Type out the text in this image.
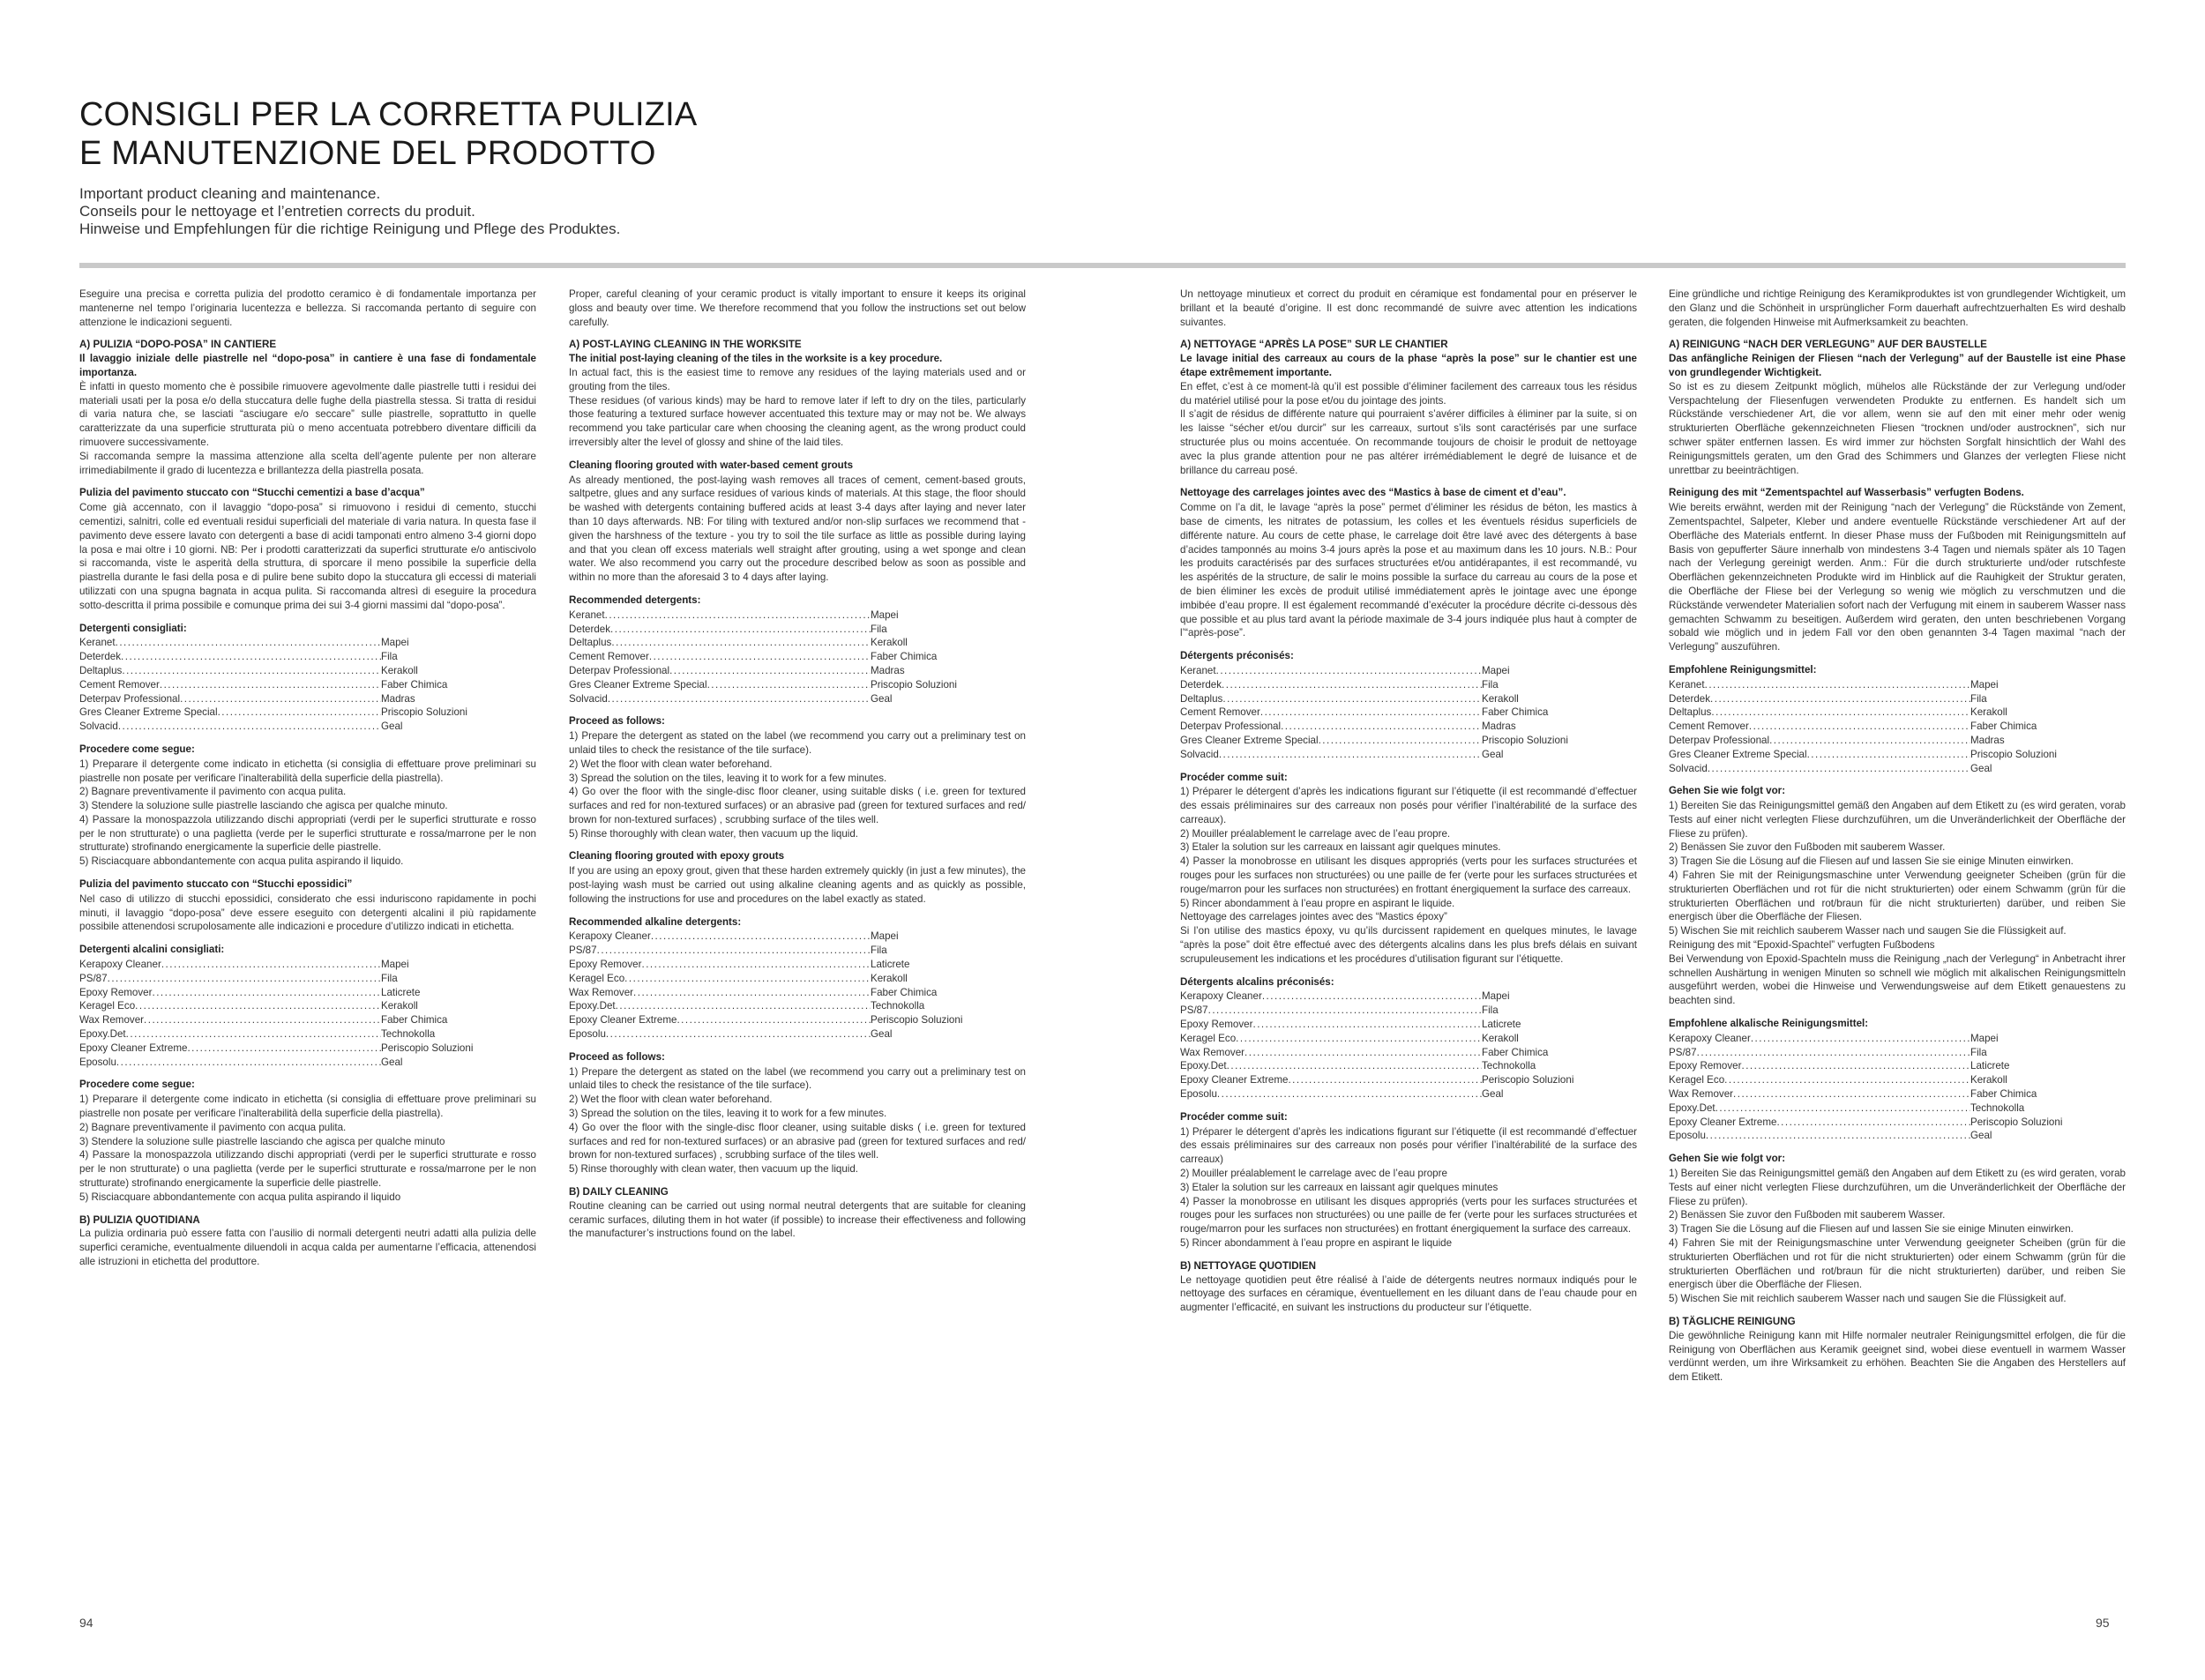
CONSIGLI PER LA CORRETTA PULIZIA
E MANUTENZIONE DEL PRODOTTO
Important product cleaning and maintenance.
Conseils pour le nettoyage et l’entretien corrects du produit.
Hinweise und Empfehlungen für die richtige Reinigung und Pflege des Produktes.

Eseguire una precisa e corretta pulizia del prodotto ceramico è di fondamentale importanza per mantenerne nel tempo l’originaria lucentezza e bellezza. Si raccomanda pertanto di seguire con attenzione le indicazioni seguenti.

A) PULIZIA “DOPO-POSA” IN CANTIERE

Il lavaggio iniziale delle piastrelle nel “dopo-posa” in cantiere è una fase di fondamentale importanza.

È infatti in questo momento che è possibile rimuovere agevolmente dalle piastrelle tutti i residui dei materiali usati per la posa e/o della stuccatura delle fughe della piastrella stessa. Si tratta di residui di varia natura che, se lasciati “asciugare e/o seccare” sulle piastrelle, soprattutto in quelle caratterizzate da una superficie strutturata più o meno accentuata potrebbero diventare difficili da rimuovere successivamente.

Si raccomanda sempre la massima attenzione alla scelta dell’agente pulente per non alterare irrimediabilmente il grado di lucentezza e brillantezza della piastrella posata.

Pulizia del pavimento stuccato con “Stucchi cementizi a base d’acqua”

Come già accennato, con il lavaggio “dopo-posa” si rimuovono i residui di cemento, stucchi cementizi, salnitri, colle ed eventuali residui superficiali del materiale di varia natura. In questa fase il pavimento deve essere lavato con detergenti a base di acidi tamponati entro almeno 3-4 giorni dopo la posa e mai oltre i 10 giorni. NB: Per i prodotti caratterizzati da superfici strutturate e/o antiscivolo si raccomanda, viste le asperità della struttura, di sporcare il meno possibile la superficie della piastrella durante le fasi della posa e di pulire bene subito dopo la stuccatura gli eccessi di materiali utilizzati con una spugna bagnata in acqua pulita. Si raccomanda altresì di eseguire la procedura sotto-descritta il prima possibile e comunque prima dei sui 3-4 giorni massimi dal “dopo-posa”.

Detergenti consigliati:
Keranet .....	Mapei
Deterdek .....	Fila
Deltaplus .....	Kerakoll
Cement Remover .....	Faber Chimica
Deterpav Professional .....	Madras
Gres Cleaner Extreme Special .....	Priscopio Soluzioni
Solvacid .....	Geal
Procedere come segue:
1) Preparare il detergente come indicato in etichetta (si consiglia di effettuare prove preliminari su piastrelle non posate per verificare l’inalterabilità della superficie della piastrella).
2) Bagnare preventivamente il pavimento con acqua pulita.
3) Stendere la soluzione sulle piastrelle lasciando che agisca per qualche minuto.
4) Passare la monospazzola utilizzando dischi appropriati (verdi per le superfici strutturate e rosso per le non strutturate) o una paglietta (verde per le superfici strutturate e rossa/marrone per le non strutturate) strofinando energicamente la superficie delle piastrelle.
5) Risciacquare abbondantemente con acqua pulita aspirando il liquido.
Pulizia del pavimento stuccato con “Stucchi epossidici”

Nel caso di utilizzo di stucchi epossidici, considerato che essi induriscono rapidamente in pochi minuti, il lavaggio “dopo-posa” deve essere eseguito con detergenti alcalini il più rapidamente possibile attenendosi scrupolosamente alle indicazioni e procedure d’utilizzo indicati in etichetta.

Detergenti alcalini consigliati:
Kerapoxy Cleaner .....	Mapei
PS/87 .....	Fila
Epoxy Remover .....	Laticrete
Keragel Eco .....	Kerakoll
Wax Remover .....	Faber Chimica
Epoxy.Det .....	Technokolla
Epoxy Cleaner Extreme .....	Periscopio Soluzioni
Eposolu .....	Geal
Procedere come segue:
1) Preparare il detergente come indicato in etichetta (si consiglia di effettuare prove preliminari su piastrelle non posate per verificare l’inalterabilità della superficie della piastrella).
2) Bagnare preventivamente il pavimento con acqua pulita.
3) Stendere la soluzione sulle piastrelle lasciando che agisca per qualche minuto
4) Passare la monospazzola utilizzando dischi appropriati (verdi per le superfici strutturate e rosso per le non strutturate) o una paglietta (verde per le superfici strutturate e rossa/marrone per le non strutturate) strofinando energicamente la superficie delle piastrelle.
5) Risciacquare abbondantemente con acqua pulita aspirando il liquido
B) PULIZIA QUOTIDIANA

La pulizia ordinaria può essere fatta con l’ausilio di normali detergenti neutri adatti alla pulizia delle superfici ceramiche, eventualmente diluendoli in acqua calda per aumentarne l’efficacia, attenendosi alle istruzioni in etichetta del produttore.

Proper, careful cleaning of your ceramic product is vitally important to ensure it keeps its original gloss and beauty over time. We therefore recommend that you follow the instructions set out below carefully.

A) POST-LAYING CLEANING IN THE WORKSITE

The initial post-laying cleaning of the tiles in the worksite is a key procedure.

In actual fact, this is the easiest time to remove any residues of the laying materials used and or grouting from the tiles.

These residues (of various kinds) may be hard to remove later if left to dry on the tiles, particularly those featuring a textured surface however accentuated this texture may or may not be. We always recommend you take particular care when choosing the cleaning agent, as the wrong product could irreversibly alter the level of glossy and shine of the laid tiles.

Cleaning flooring grouted with water-based cement grouts

As already mentioned, the post-laying wash removes all traces of cement, cement-based grouts, saltpetre, glues and any surface residues of various kinds of materials. At this stage, the floor should be washed with detergents containing buffered acids at least 3-4 days after laying and never later than 10 days afterwards. NB: For tiling with textured and/or non-slip surfaces we recommend that - given the harshness of the texture - you try to soil the tile surface as little as possible during laying and that you clean off excess materials well straight after grouting, using a wet sponge and clean water. We also recommend you carry out the procedure described below as soon as possible and within no more than the aforesaid 3 to 4 days after laying.

Recommended detergents:
Keranet .....	Mapei
Deterdek .....	Fila
Deltaplus .....	Kerakoll
Cement Remover .....	Faber Chimica
Deterpav Professional .....	Madras
Gres Cleaner Extreme Special .....	Priscopio Soluzioni
Solvacid .....	Geal
Proceed as follows:
1) Prepare the detergent as stated on the label (we recommend you carry out a preliminary test on unlaid tiles to check the resistance of the tile surface).
2) Wet the floor with clean water beforehand.
3) Spread the solution on the tiles, leaving it to work for a few minutes.
4) Go over the floor with the single-disc floor cleaner, using suitable disks ( i.e. green for textured surfaces and red for non-textured surfaces) or an abrasive pad (green for textured surfaces and red/ brown for non-textured surfaces) , scrubbing surface of the tiles well.
5) Rinse thoroughly with clean water, then vacuum up the liquid.
Cleaning flooring grouted with epoxy grouts

If you are using an epoxy grout, given that these harden extremely quickly (in just a few minutes), the post-laying wash must be carried out using alkaline cleaning agents and as quickly as possible, following the instructions for use and procedures on the label exactly as stated.

Recommended alkaline detergents:
Kerapoxy Cleaner .....	Mapei
PS/87 .....	Fila
Epoxy Remover .....	Laticrete
Keragel Eco .....	Kerakoll
Wax Remover .....	Faber Chimica
Epoxy.Det .....	Technokolla
Epoxy Cleaner Extreme .....	Periscopio Soluzioni
Eposolu .....	Geal
Proceed as follows:
1) Prepare the detergent as stated on the label (we recommend you carry out a preliminary test on unlaid tiles to check the resistance of the tile surface).
2) Wet the floor with clean water beforehand.
3) Spread the solution on the tiles, leaving it to work for a few minutes.
4) Go over the floor with the single-disc floor cleaner, using suitable disks ( i.e. green for textured surfaces and red for non-textured surfaces) or an abrasive pad (green for textured surfaces and red/ brown for non-textured surfaces) , scrubbing surface of the tiles well.
5) Rinse thoroughly with clean water, then vacuum up the liquid.
B) DAILY CLEANING

Routine cleaning can be carried out using normal neutral detergents that are suitable for cleaning ceramic surfaces, diluting them in hot water (if possible) to increase their effectiveness and following the manufacturer’s instructions found on the label.

Un nettoyage minutieux et correct du produit en céramique est fondamental pour en préserver le brillant et la beauté d’origine. Il est donc recommandé de suivre avec attention les indications suivantes.

A) NETTOYAGE “APRÈS LA POSE” SUR LE CHANTIER

Le lavage initial des carreaux au cours de la phase “après la pose” sur le chantier est une étape extrêmement importante.

En effet, c’est à ce moment-là qu’il est possible d’éliminer facilement des carreaux tous les résidus du matériel utilisé pour la pose et/ou du jointage des joints.

Il s’agit de résidus de différente nature qui pourraient s’avérer difficiles à éliminer par la suite, si on les laisse “sécher et/ou durcir” sur les carreaux, surtout s’ils sont caractérisés par une surface structurée plus ou moins accentuée. On recommande toujours de choisir le produit de nettoyage avec la plus grande attention pour ne pas altérer irrémédiablement le degré de luisance et de brillance du carreau posé.

Nettoyage des carrelages jointes avec des “Mastics à base de ciment et d’eau”.

Comme on l’a dit, le lavage “après la pose” permet d’éliminer les résidus de béton, les mastics à base de ciments, les nitrates de potassium, les colles et les éventuels résidus superficiels de différente nature. Au cours de cette phase, le carrelage doit être lavé avec des détergents à base d’acides tamponnés au moins 3-4 jours après la pose et au maximum dans les 10 jours. N.B.: Pour les produits caractérisés par des surfaces structurées et/ou antidérapantes, il est recommandé, vu les aspérités de la structure, de salir le moins possible la surface du carreau au cours de la pose et de bien éliminer les excès de produit utilisé immédiatement après le jointage avec une éponge imbibée d’eau propre. Il est également recommandé d’exécuter la procédure décrite ci-dessous dès que possible et au plus tard avant la période maximale de 3-4 jours indiquée plus haut à compter de l’“après-pose”.

Détergents préconisés:
Keranet .....	Mapei
Deterdek .....	Fila
Deltaplus .....	Kerakoll
Cement Remover .....	Faber Chimica
Deterpav Professional .....	Madras
Gres Cleaner Extreme Special .....	Priscopio Soluzioni
Solvacid .....	Geal
Procéder comme suit:
1) Préparer le détergent d’après les indications figurant sur l’étiquette (il est recommandé d’effectuer des essais préliminaires sur des carreaux non posés pour vérifier l’inaltérabilité de la surface des carreaux).
2) Mouiller préalablement le carrelage avec de l’eau propre.
3) Etaler la solution sur les carreaux en laissant agir quelques minutes.
4) Passer la monobrosse en utilisant les disques appropriés (verts pour les surfaces structurées et rouges pour les surfaces non structurées) ou une paille de fer (verte pour les surfaces structurées et rouge/marron pour les surfaces non structurées) en frottant énergiquement la surface des carreaux.
5) Rincer abondamment à l’eau propre en aspirant le liquide.
Nettoyage des carrelages jointes avec des “Mastics époxy”
Si l’on utilise des mastics époxy, vu qu’ils durcissent rapidement en quelques minutes, le lavage “après la pose” doit être effectué avec des détergents alcalins dans les plus brefs délais en suivant scrupuleusement les indications et les procédures d’utilisation figurant sur l’étiquette.
Détergents alcalins préconisés:
Kerapoxy Cleaner .....	Mapei
PS/87 .....	Fila
Epoxy Remover .....	Laticrete
Keragel Eco .....	Kerakoll
Wax Remover .....	Faber Chimica
Epoxy.Det .....	Technokolla
Epoxy Cleaner Extreme .....	Periscopio Soluzioni
Eposolu .....	Geal
Procéder comme suit:
1) Préparer le détergent d’après les indications figurant sur l’étiquette (il est recommandé d’effectuer des essais préliminaires sur des carreaux non posés pour vérifier l’inaltérabilité de la surface des carreaux)
2) Mouiller préalablement le carrelage avec de l’eau propre
3) Etaler la solution sur les carreaux en laissant agir quelques minutes
4) Passer la monobrosse en utilisant les disques appropriés (verts pour les surfaces structurées et rouges pour les surfaces non structurées) ou une paille de fer (verte pour les surfaces structurées et rouge/marron pour les surfaces non structurées) en frottant énergiquement la surface des carreaux.
5) Rincer abondamment à l’eau propre en aspirant le liquide
B) NETTOYAGE QUOTIDIEN

Le nettoyage quotidien peut être réalisé à l’aide de détergents neutres normaux indiqués pour le nettoyage des surfaces en céramique, éventuellement en les diluant dans de l’eau chaude pour en augmenter l’efficacité, en suivant les instructions du producteur sur l’étiquette.

Eine gründliche und richtige Reinigung des Keramikproduktes ist von grundlegender Wichtigkeit, um den Glanz und die Schönheit in ursprünglicher Form dauerhaft aufrechtzuerhalten Es wird deshalb geraten, die folgenden Hinweise mit Aufmerksamkeit zu beachten.

A) REINIGUNG “NACH DER VERLEGUNG” AUF DER BAUSTELLE

Das anfängliche Reinigen der Fliesen “nach der Verlegung” auf der Baustelle ist eine Phase von grundlegender Wichtigkeit.

So ist es zu diesem Zeitpunkt möglich, mühelos alle Rückstände der zur Verlegung und/oder Verspachtelung der Fliesenfugen verwendeten Produkte zu entfernen. Es handelt sich um Rückstände verschiedener Art, die vor allem, wenn sie auf den mit einer mehr oder wenig strukturierten Oberfläche gekennzeichneten Fliesen “trocknen und/oder austrocknen”, sich nur schwer später entfernen lassen. Es wird immer zur höchsten Sorgfalt hinsichtlich der Wahl des Reinigungsmittels geraten, um den Grad des Schimmers und Glanzes der verlegten Fliese nicht unrettbar zu beeinträchtigen.

Reinigung des mit “Zementspachtel auf Wasserbasis” verfugten Bodens.

Wie bereits erwähnt, werden mit der Reinigung “nach der Verlegung” die Rückstände von Zement, Zementspachtel, Salpeter, Kleber und andere eventuelle Rückstände verschiedener Art auf der Oberfläche des Materials entfernt. In dieser Phase muss der Fußboden mit Reinigungsmitteln auf Basis von gepufferter Säure innerhalb von mindestens 3-4 Tagen und niemals später als 10 Tagen nach der Verlegung gereinigt werden. Anm.: Für die durch strukturierte und/oder rutschfeste Oberflächen gekennzeichneten Produkte wird im Hinblick auf die Rauhigkeit der Struktur geraten, die Oberfläche der Fliese bei der Verlegung so wenig wie möglich zu verschmutzen und die Rückstände verwendeter Materialien sofort nach der Verfugung mit einem in sauberem Wasser nass gemachten Schwamm zu beseitigen. Außerdem wird geraten, den unten beschriebenen Vorgang sobald wie möglich und in jedem Fall vor den oben genannten 3-4 Tagen maximal “nach der Verlegung” auszuführen.

Empfohlene Reinigungsmittel:
Keranet .....	Mapei
Deterdek .....	Fila
Deltaplus .....	Kerakoll
Cement Remover .....	Faber Chimica
Deterpav Professional .....	Madras
Gres Cleaner Extreme Special .....	Priscopio Soluzioni
Solvacid .....	Geal
Gehen Sie wie folgt vor:
1) Bereiten Sie das Reinigungsmittel gemäß den Angaben auf dem Etikett zu (es wird geraten, vorab Tests auf einer nicht verlegten Fliese durchzuführen, um die Unveränderlichkeit der Oberfläche der Fliese zu prüfen).
2) Benässen Sie zuvor den Fußboden mit sauberem Wasser.
3) Tragen Sie die Lösung auf die Fliesen auf und lassen Sie sie einige Minuten einwirken.
4) Fahren Sie mit der Reinigungsmaschine unter Verwendung geeigneter Scheiben (grün für die strukturierten Oberflächen und rot für die nicht strukturierten) oder einem Schwamm (grün für die strukturierten Oberflächen und rot/braun für die nicht strukturierten) darüber, und reiben Sie energisch über die Oberfläche der Fliesen.
5) Wischen Sie mit reichlich sauberem Wasser nach und saugen Sie die Flüssigkeit auf.
Reinigung des mit “Epoxid-Spachtel” verfugten Fußbodens
Bei Verwendung von Epoxid-Spachteln muss die Reinigung „nach der Verlegung“ in Anbetracht ihrer schnellen Aushärtung in wenigen Minuten so schnell wie möglich mit alkalischen Reinigungsmitteln ausgeführt werden, wobei die Hinweise und Verwendungsweise auf dem Etikett genauestens zu beachten sind.
Empfohlene alkalische Reinigungsmittel:
Kerapoxy Cleaner .....	Mapei
PS/87 .....	Fila
Epoxy Remover .....	Laticrete
Keragel Eco .....	Kerakoll
Wax Remover .....	Faber Chimica
Epoxy.Det .....	Technokolla
Epoxy Cleaner Extreme .....	Periscopio Soluzioni
Eposolu .....	Geal
Gehen Sie wie folgt vor:
1) Bereiten Sie das Reinigungsmittel gemäß den Angaben auf dem Etikett zu (es wird geraten, vorab Tests auf einer nicht verlegten Fliese durchzuführen, um die Unveränderlichkeit der Oberfläche der Fliese zu prüfen).
2) Benässen Sie zuvor den Fußboden mit sauberem Wasser.
3) Tragen Sie die Lösung auf die Fliesen auf und lassen Sie sie einige Minuten einwirken.
4) Fahren Sie mit der Reinigungsmaschine unter Verwendung geeigneter Scheiben (grün für die strukturierten Oberflächen und rot für die nicht strukturierten) oder einem Schwamm (grün für die strukturierten Oberflächen und rot/braun für die nicht strukturierten) darüber, und reiben Sie energisch über die Oberfläche der Fliesen.
5) Wischen Sie mit reichlich sauberem Wasser nach und saugen Sie die Flüssigkeit auf.
B) TÄGLICHE REINIGUNG

Die gewöhnliche Reinigung kann mit Hilfe normaler neutraler Reinigungsmittel erfolgen, die für die Reinigung von Oberflächen aus Keramik geeignet sind, wobei diese eventuell in warmem Wasser verdünnt werden, um ihre Wirksamkeit zu erhöhen. Beachten Sie die Angaben des Herstellers auf dem Etikett.

94	95
